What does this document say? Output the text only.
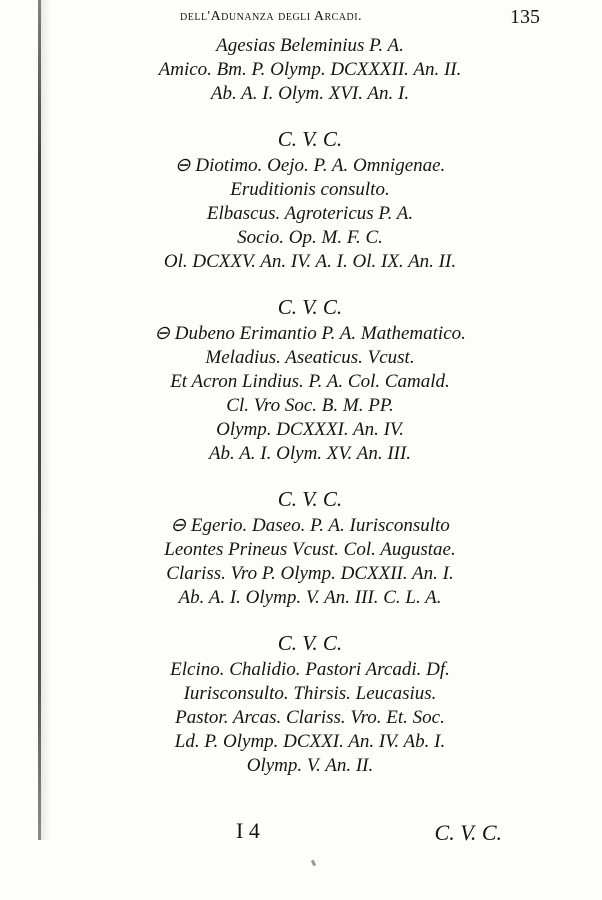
dell'Adunanza degli Arcadi.	135
Agesias Beleminius P. A.
Amico. Bm. P. Olymp. DCXXXII. An. II.
Ab. A. I. Olym. XVI. An. I.
C. V. C.
⊖ Diotimo. Oejo. P. A. Omnigenae.
Eruditionis consulto.
Elbascus. Agrotericus P. A.
Socio. Op. M. F. C.
Ol. DCXXV. An. IV. A. I. Ol. IX. An. II.
C. V. C.
⊖ Dubeno Erimantio P. A. Mathematico.
Meladius. Aseaticus. Vcust.
Et Acron Lindius. P. A. Col. Camald.
Cl. Vro Soc. B. M. PP.
Olymp. DCXXXI. An. IV.
Ab. A. I. Olym. XV. An. III.
C. V. C.
⊖ Egerio. Daseo. P. A. Iurisconsulto
Leontes Prineus Vcust. Col. Augustae.
Clariss. Vro P. Olymp. DCXXII. An. I.
Ab. A. I. Olymp. V. An. III. C. L. A.
C. V. C.
Elcino. Chalidio. Pastori Arcadi. Df.
Iurisconsulto. Thirsis. Leucasius.
Pastor. Arcas. Clariss. Vro. Et. Soc.
Ld. P. Olymp. DCXXI. An. IV. Ab. I.
Olymp. V. An. II.
I 4	C. V. C.
